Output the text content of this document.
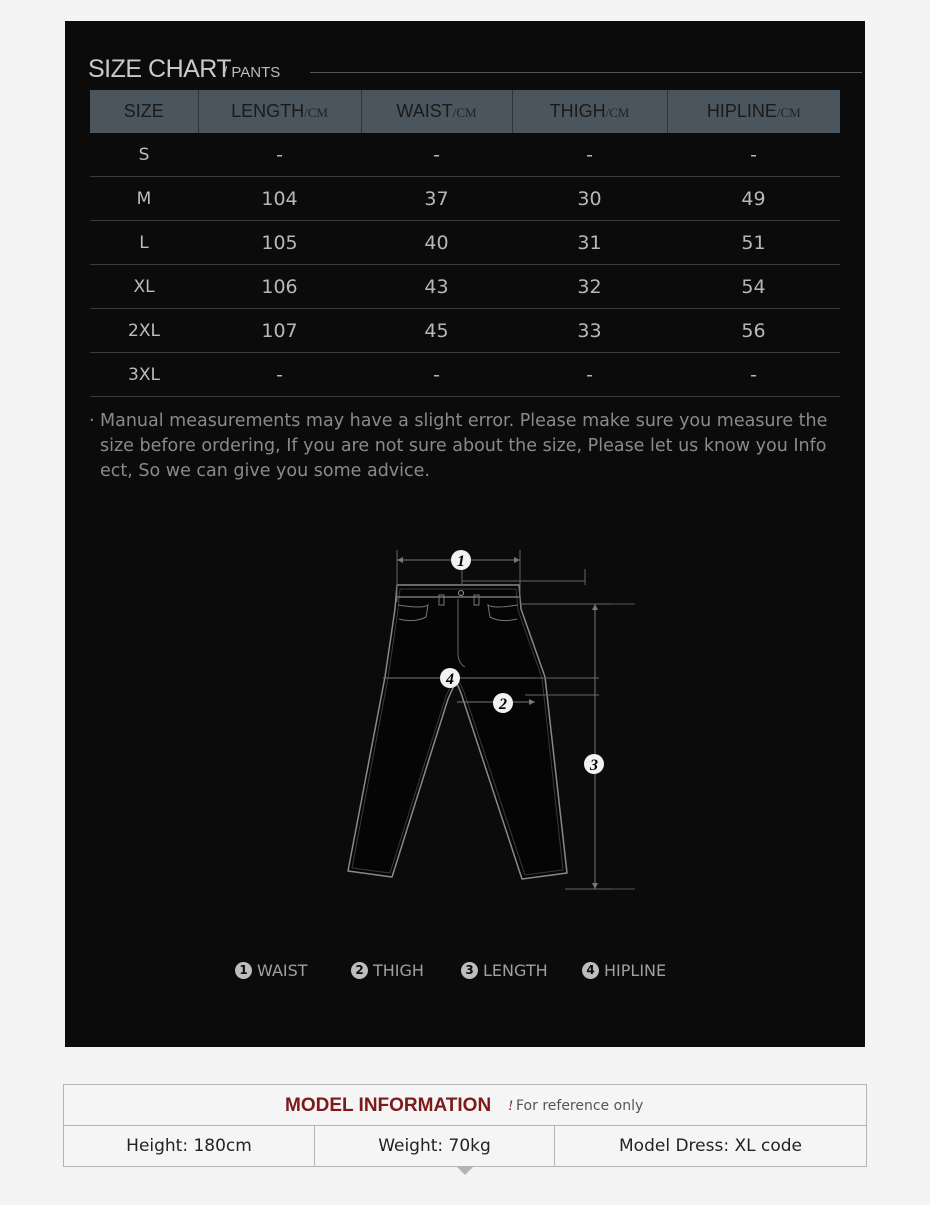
SIZE CHART
/ PANTS
SIZE	LENGTH/CM	WAIST/CM	THIGH/CM	HIPLINE/CM
S	-	-	-	-
M	104	37	30	49
L	105	40	31	51
XL	106	43	32	54
2XL	107	45	33	56
3XL	-	-	-	-
· Manual measurements may have a slight error. Please make sure you measure the size before ordering, If you are not sure about the size, Please let us know you Info ect, So we can give you some advice.
1
2
3
4
1 WAIST	2 THIGH	3 LENGTH	4 HIPLINE
MODEL INFORMATION ! For reference only
Height: 180cm	Weight: 70kg	Model Dress: XL code
